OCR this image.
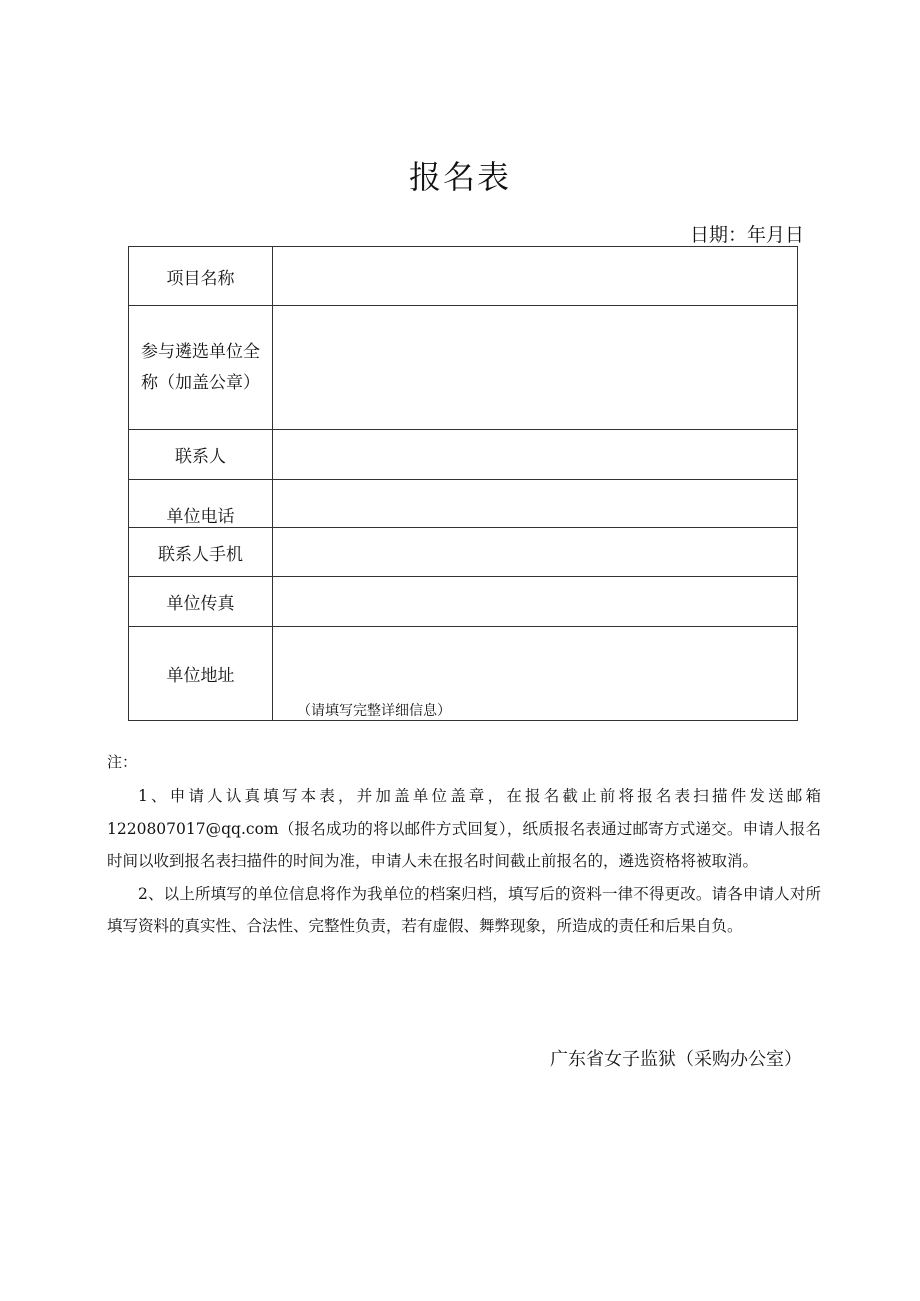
报名表
日期：年月日
项目名称	
参与遴选单位全称（加盖公章）	
联系人	
单位电话	
联系人手机	
单位传真	
单位地址	（请填写完整详细信息）
注：

1、申请人认真填写本表，并加盖单位盖章，在报名截止前将报名表扫描件发送邮箱1220807017@qq.com（报名成功的将以邮件方式回复），纸质报名表通过邮寄方式递交。申请人报名时间以收到报名表扫描件的时间为准，申请人未在报名时间截止前报名的，遴选资格将被取消。

2、以上所填写的单位信息将作为我单位的档案归档，填写后的资料一律不得更改。请各申请人对所填写资料的真实性、合法性、完整性负责，若有虚假、舞弊现象，所造成的责任和后果自负。

广东省女子监狱（采购办公室）
